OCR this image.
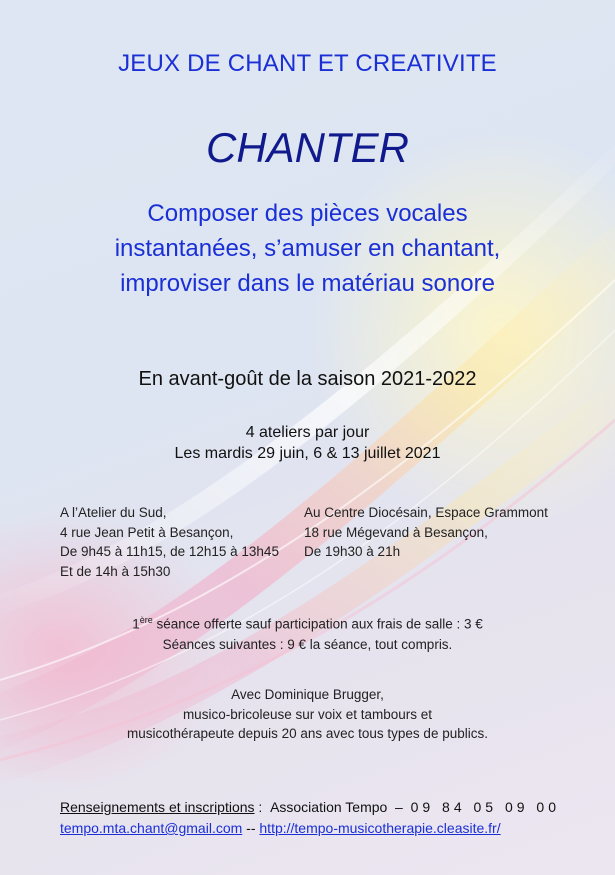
JEUX DE CHANT ET CREATIVITE
CHANTER
Composer des pièces vocales
instantanées, s’amuser en chantant,
improviser dans le matériau sonore
En avant-goût de la saison 2021-2022
4 ateliers par jour
Les mardis 29 juin, 6 & 13 juillet 2021
A l’Atelier du Sud,
4 rue Jean Petit à Besançon,
De 9h45 à 11h15, de 12h15 à 13h45
Et de 14h à 15h30
Au Centre Diocésain, Espace Grammont
18 rue Mégevand à Besançon,
De 19h30 à 21h
1ère séance offerte sauf participation aux frais de salle : 3 €
Séances suivantes : 9 € la séance, tout compris.
Avec Dominique Brugger,
musico-bricoleuse sur voix et tambours et
musicothérapeute depuis 20 ans avec tous types de publics.
Renseignements et inscriptions : Association Tempo – 09 84 05 09 00
tempo.mta.chant@gmail.com -- http://tempo-musicotherapie.cleasite.fr/
